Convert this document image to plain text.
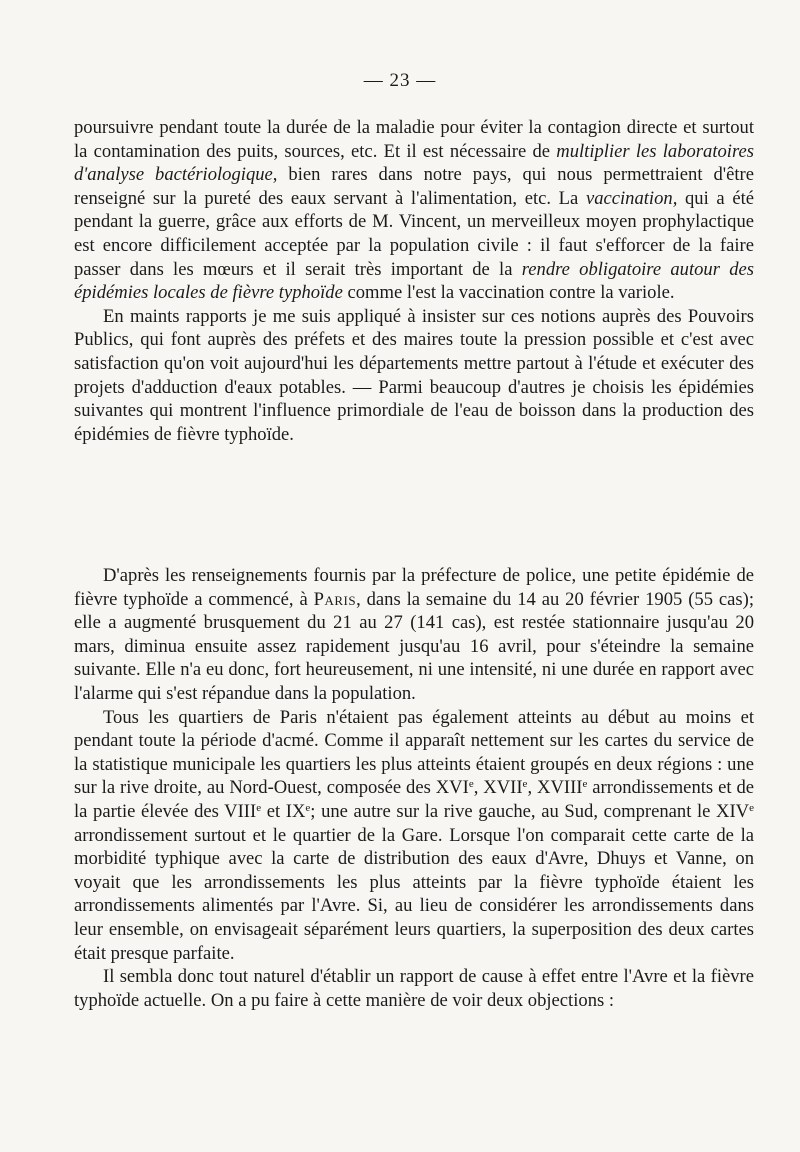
— 23 —

poursuivre pendant toute la durée de la maladie pour éviter la contagion directe et surtout la contamination des puits, sources, etc. Et il est nécessaire de multiplier les laboratoires d'analyse bactériologique, bien rares dans notre pays, qui nous permettraient d'être renseigné sur la pureté des eaux servant à l'alimentation, etc. La vaccination, qui a été pendant la guerre, grâce aux efforts de M. Vincent, un merveilleux moyen prophylactique est encore difficilement acceptée par la population civile : il faut s'efforcer de la faire passer dans les mœurs et il serait très important de la rendre obligatoire autour des épidémies locales de fièvre typhoïde comme l'est la vaccination contre la variole.

En maints rapports je me suis appliqué à insister sur ces notions auprès des Pouvoirs Publics, qui font auprès des préfets et des maires toute la pression possible et c'est avec satisfaction qu'on voit aujourd'hui les départements mettre partout à l'étude et exécuter des projets d'adduction d'eaux potables. — Parmi beaucoup d'autres je choisis les épidémies suivantes qui montrent l'influence primordiale de l'eau de boisson dans la production des épidémies de fièvre typhoïde.

D'après les renseignements fournis par la préfecture de police, une petite épidémie de fièvre typhoïde a commencé, à Paris, dans la semaine du 14 au 20 février 1905 (55 cas); elle a augmenté brusquement du 21 au 27 (141 cas), est restée stationnaire jusqu'au 20 mars, diminua ensuite assez rapidement jusqu'au 16 avril, pour s'éteindre la semaine suivante. Elle n'a eu donc, fort heureusement, ni une intensité, ni une durée en rapport avec l'alarme qui s'est répandue dans la population.

Tous les quartiers de Paris n'étaient pas également atteints au début au moins et pendant toute la période d'acmé. Comme il apparaît nettement sur les cartes du service de la statistique municipale les quartiers les plus atteints étaient groupés en deux régions : une sur la rive droite, au Nord-Ouest, composée des XVIe, XVIIe, XVIIIe arrondissements et de la partie élevée des VIIIe et IXe; une autre sur la rive gauche, au Sud, comprenant le XIVe arrondissement surtout et le quartier de la Gare. Lorsque l'on comparait cette carte de la morbidité typhique avec la carte de distribution des eaux d'Avre, Dhuys et Vanne, on voyait que les arrondissements les plus atteints par la fièvre typhoïde étaient les arrondissements alimentés par l'Avre. Si, au lieu de considérer les arrondissements dans leur ensemble, on envisageait séparément leurs quartiers, la superposition des deux cartes était presque parfaite.

Il sembla donc tout naturel d'établir un rapport de cause à effet entre l'Avre et la fièvre typhoïde actuelle. On a pu faire à cette manière de voir deux objections :
